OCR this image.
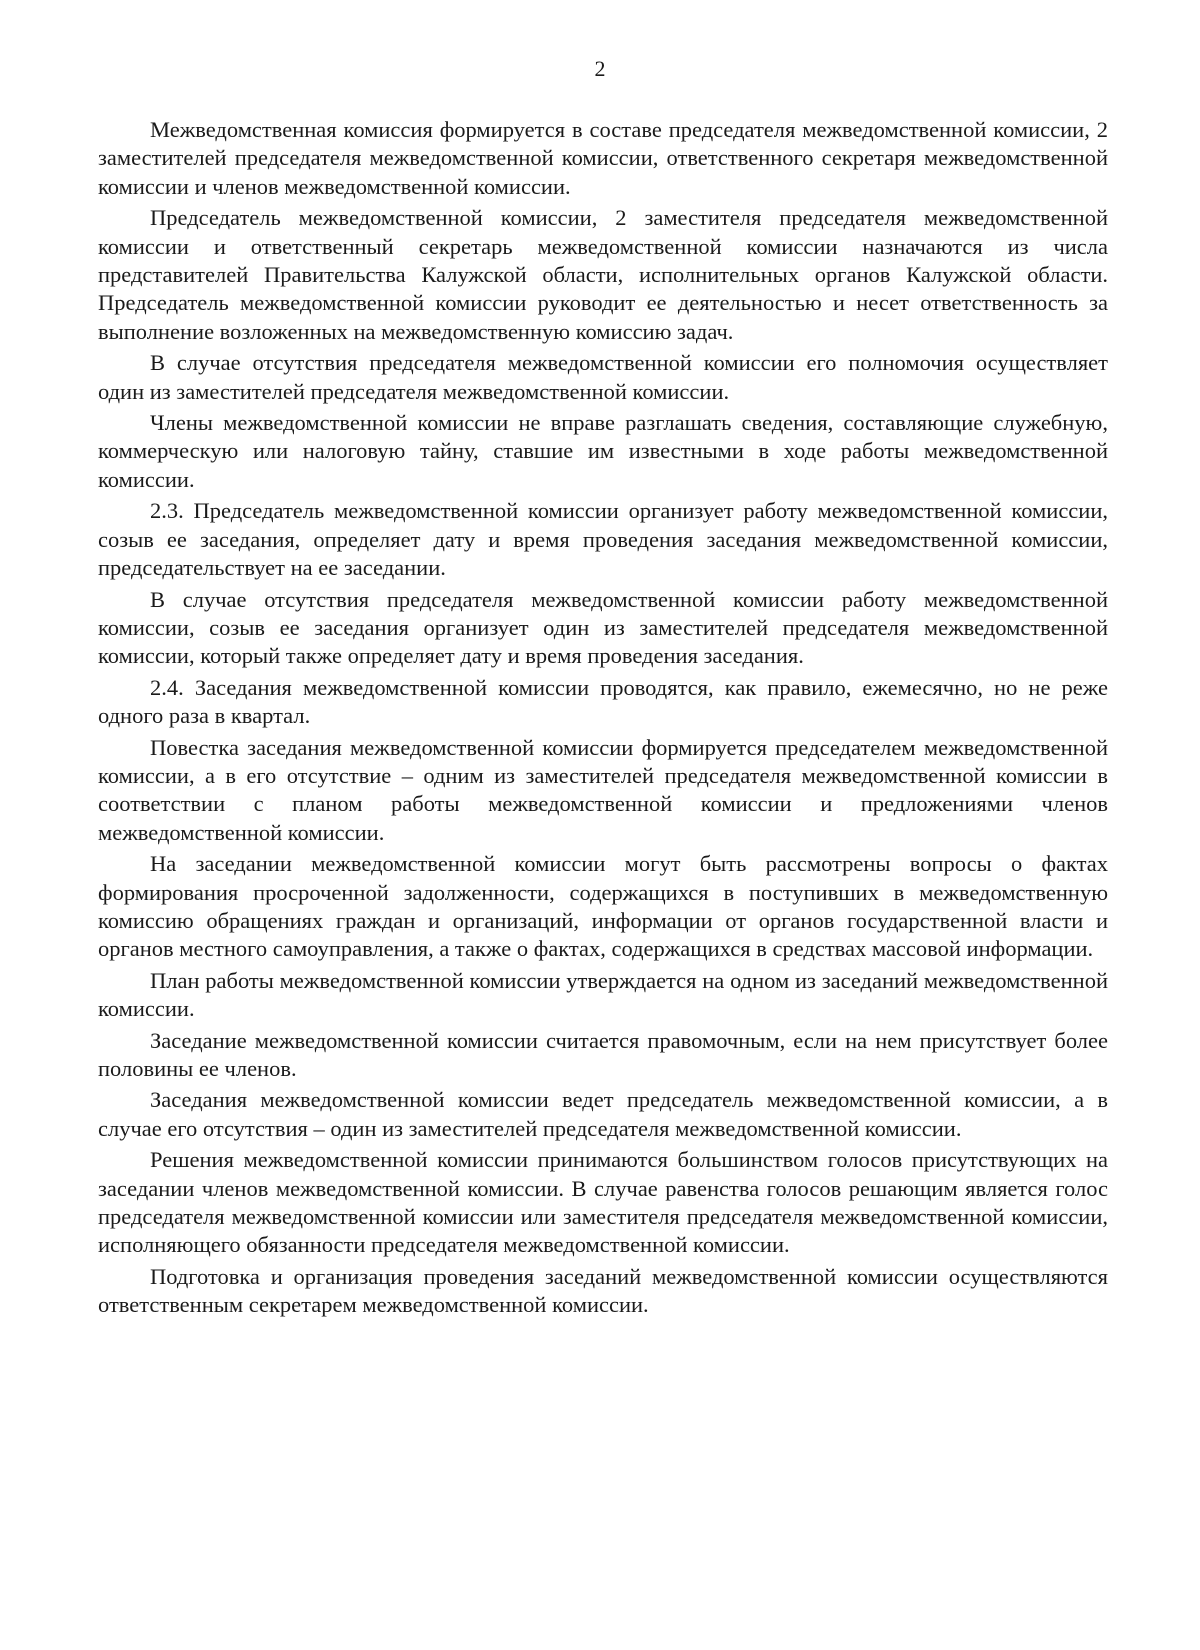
2

Межведомственная комиссия формируется в составе председателя межведомственной комиссии, 2 заместителей председателя межведомственной комиссии, ответственного секретаря межведомственной комиссии и членов межведомственной комиссии.

Председатель межведомственной комиссии, 2 заместителя председателя межведомственной комиссии и ответственный секретарь межведомственной комиссии назначаются из числа представителей Правительства Калужской области, исполнительных органов Калужской области. Председатель межведомственной комиссии руководит ее деятельностью и несет ответственность за выполнение возложенных на межведомственную комиссию задач.

В случае отсутствия председателя межведомственной комиссии его полномочия осуществляет один из заместителей председателя межведомственной комиссии.

Члены межведомственной комиссии не вправе разглашать сведения, составляющие служебную, коммерческую или налоговую тайну, ставшие им известными в ходе работы межведомственной комиссии.

2.3. Председатель межведомственной комиссии организует работу межведомственной комиссии, созыв ее заседания, определяет дату и время проведения заседания межведомственной комиссии, председательствует на ее заседании.

В случае отсутствия председателя межведомственной комиссии работу межведомственной комиссии, созыв ее заседания организует один из заместителей председателя межведомственной комиссии, который также определяет дату и время проведения заседания.

2.4. Заседания межведомственной комиссии проводятся, как правило, ежемесячно, но не реже одного раза в квартал.

Повестка заседания межведомственной комиссии формируется председателем межведомственной комиссии, а в его отсутствие – одним из заместителей председателя межведомственной комиссии в соответствии с планом работы межведомственной комиссии и предложениями членов межведомственной комиссии.

На заседании межведомственной комиссии могут быть рассмотрены вопросы о фактах формирования просроченной задолженности, содержащихся в поступивших в межведомственную комиссию обращениях граждан и организаций, информации от органов государственной власти и органов местного самоуправления, а также о фактах, содержащихся в средствах массовой информации.

План работы межведомственной комиссии утверждается на одном из заседаний межведомственной комиссии.

Заседание межведомственной комиссии считается правомочным, если на нем присутствует более половины ее членов.

Заседания межведомственной комиссии ведет председатель межведомственной комиссии, а в случае его отсутствия – один из заместителей председателя межведомственной комиссии.

Решения межведомственной комиссии принимаются большинством голосов присутствующих на заседании членов межведомственной комиссии. В случае равенства голосов решающим является голос председателя межведомственной комиссии или заместителя председателя межведомственной комиссии, исполняющего обязанности председателя межведомственной комиссии.

Подготовка и организация проведения заседаний межведомственной комиссии осуществляются ответственным секретарем межведомственной комиссии.
